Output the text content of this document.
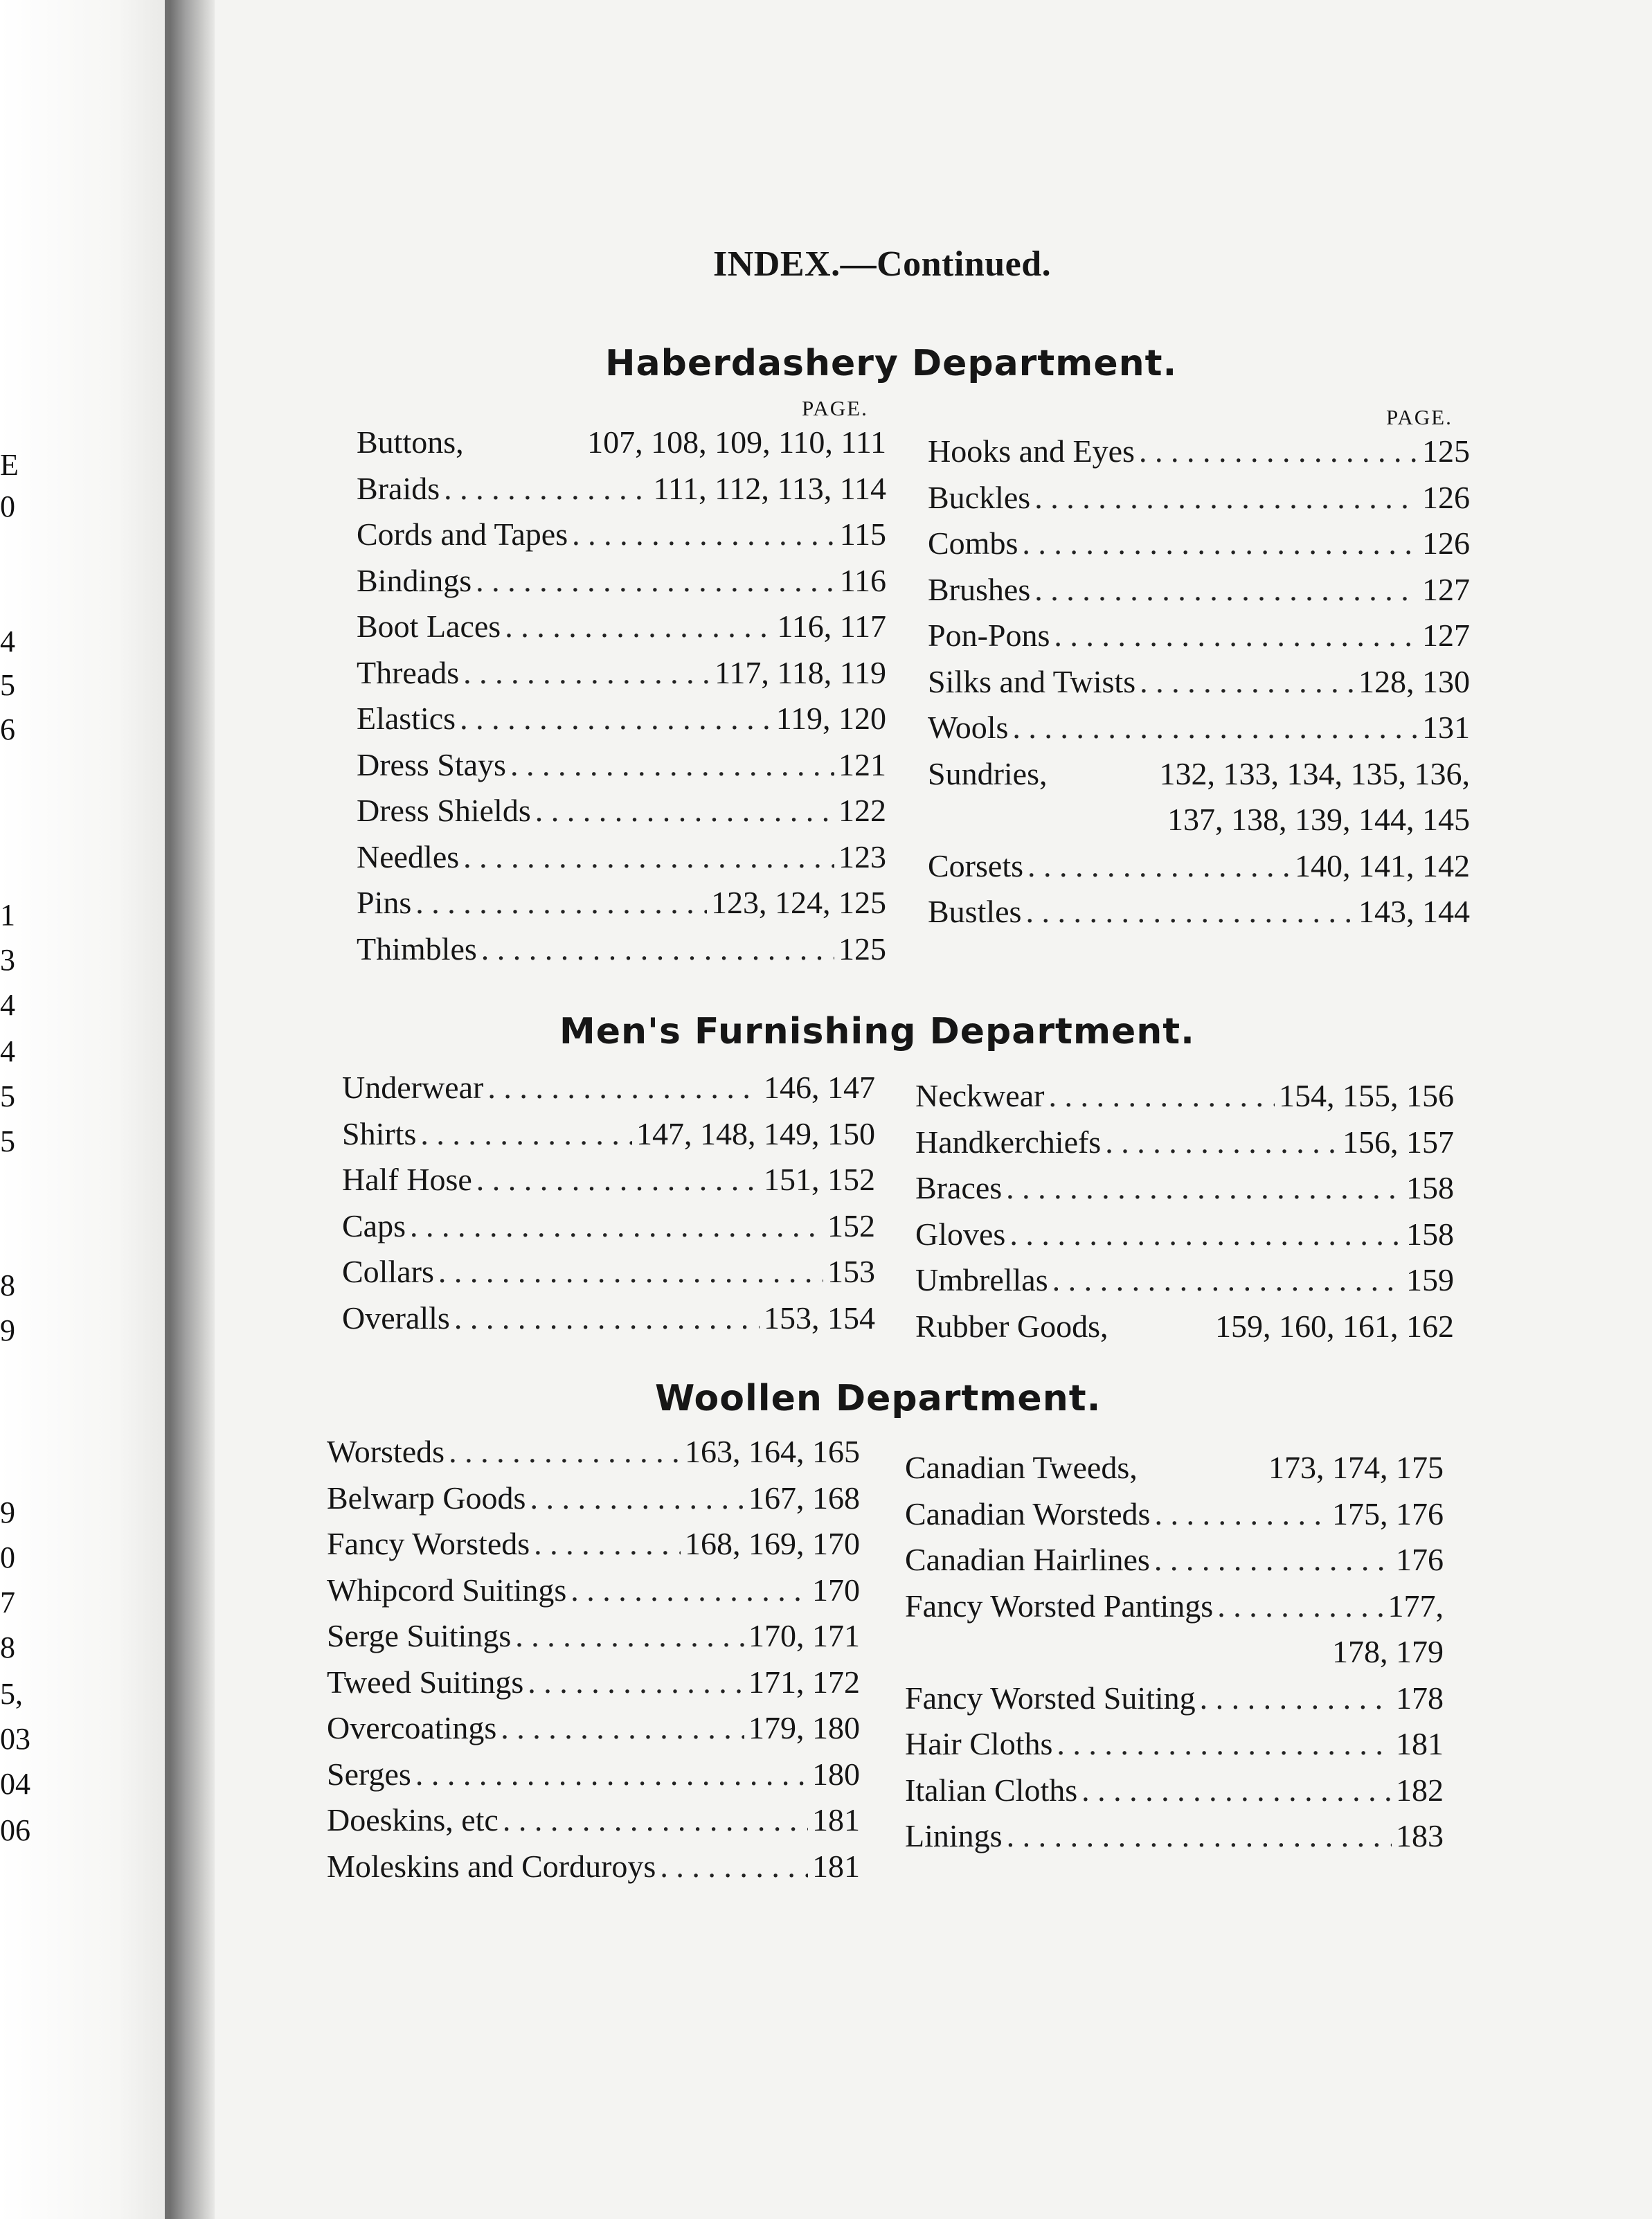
E
0
4
5
6
1
3
4
4
5
5
8
9
9
0
7
8
5,
03
04
06
INDEX.—Continued.
Haberdashery Department.
PAGE.	PAGE.
Buttons,	107, 108, 109, 110, 111
Braids . . .	111, 112, 113, 114
Cords and Tapes . . .	115
Bindings . . .	116
Boot Laces . . .	116, 117
Threads . . .	117, 118, 119
Elastics . . .	119, 120
Dress Stays . . .	121
Dress Shields . . .	122
Needles . . .	123
Pins . . .	123, 124, 125
Thimbles . . .	125
Hooks and Eyes . . .	125
Buckles . . .	126
Combs . . .	126
Brushes . . .	127
Pon-Pons . . .	127
Silks and Twists . . .	128, 130
Wools . . .	131
Sundries,	132, 133, 134, 135, 136,
137, 138, 139, 144, 145
Corsets . . .	140, 141, 142
Bustles . . .	143, 144
Men's Furnishing Department.
Underwear . . .	146, 147
Shirts . . .	147, 148, 149, 150
Half Hose . . .	151, 152
Caps . . .	152
Collars . . .	153
Overalls . . .	153, 154
Neckwear . . .	154, 155, 156
Handkerchiefs . . .	156, 157
Braces . . .	158
Gloves . . .	158
Umbrellas . . .	159
Rubber Goods,	159, 160, 161, 162
Woollen Department.
Worsteds . . .	163, 164, 165
Belwarp Goods . . .	167, 168
Fancy Worsteds . . .	168, 169, 170
Whipcord Suitings . . .	170
Serge Suitings . . .	170, 171
Tweed Suitings . . .	171, 172
Overcoatings . . .	179, 180
Serges . . .	180
Doeskins, etc . . .	181
Moleskins and Corduroys . . .	181
Canadian Tweeds,	173, 174, 175
Canadian Worsteds . . .	175, 176
Canadian Hairlines . . .	176
Fancy Worsted Pantings . . .	177,
178, 179
Fancy Worsted Suiting . . .	178
Hair Cloths . . .	181
Italian Cloths . . .	182
Linings . . .	183
